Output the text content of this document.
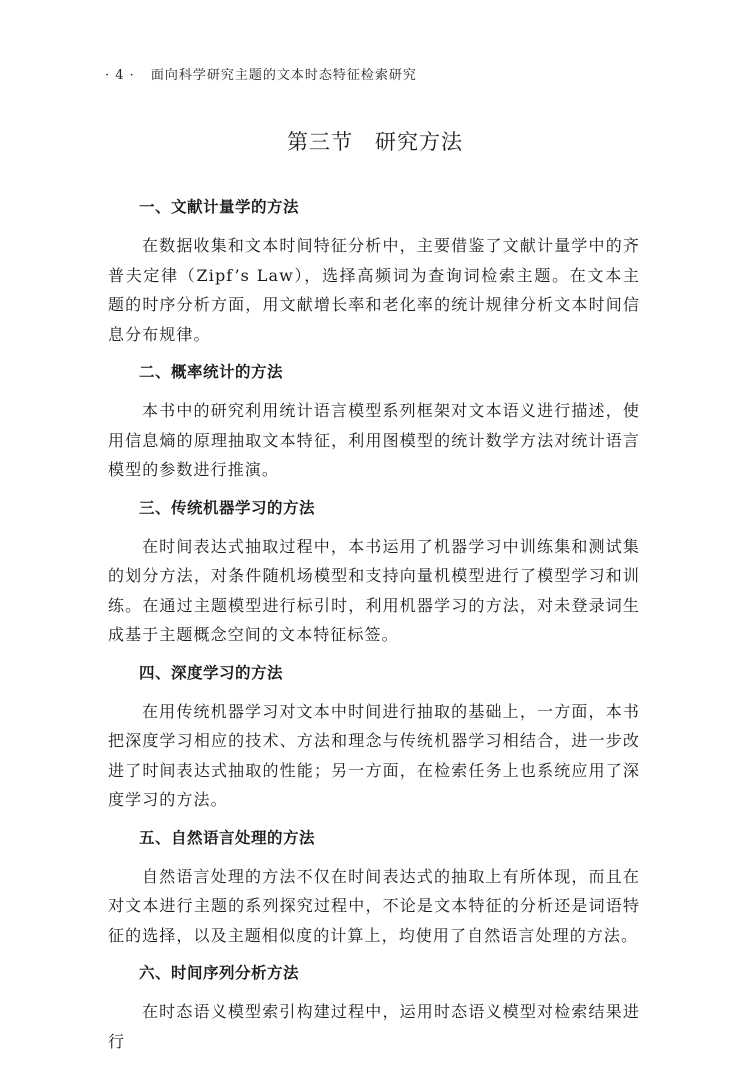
· 4 · 面向科学研究主题的文本时态特征检索研究
第三节　研究方法
一、文献计量学的方法

在数据收集和文本时间特征分析中，主要借鉴了文献计量学中的齐普夫定律（Zipf’s Law），选择高频词为查询词检索主题。在文本主题的时序分析方面，用文献增长率和老化率的统计规律分析文本时间信息分布规律。

二、概率统计的方法

本书中的研究利用统计语言模型系列框架对文本语义进行描述，使用信息熵的原理抽取文本特征，利用图模型的统计数学方法对统计语言模型的参数进行推演。

三、传统机器学习的方法

在时间表达式抽取过程中，本书运用了机器学习中训练集和测试集的划分方法，对条件随机场模型和支持向量机模型进行了模型学习和训练。在通过主题模型进行标引时，利用机器学习的方法，对未登录词生成基于主题概念空间的文本特征标签。

四、深度学习的方法

在用传统机器学习对文本中时间进行抽取的基础上，一方面，本书把深度学习相应的技术、方法和理念与传统机器学习相结合，进一步改进了时间表达式抽取的性能；另一方面，在检索任务上也系统应用了深度学习的方法。

五、自然语言处理的方法

自然语言处理的方法不仅在时间表达式的抽取上有所体现，而且在对文本进行主题的系列探究过程中，不论是文本特征的分析还是词语特征的选择，以及主题相似度的计算上，均使用了自然语言处理的方法。

六、时间序列分析方法

在时态语义模型索引构建过程中，运用时态语义模型对检索结果进行
